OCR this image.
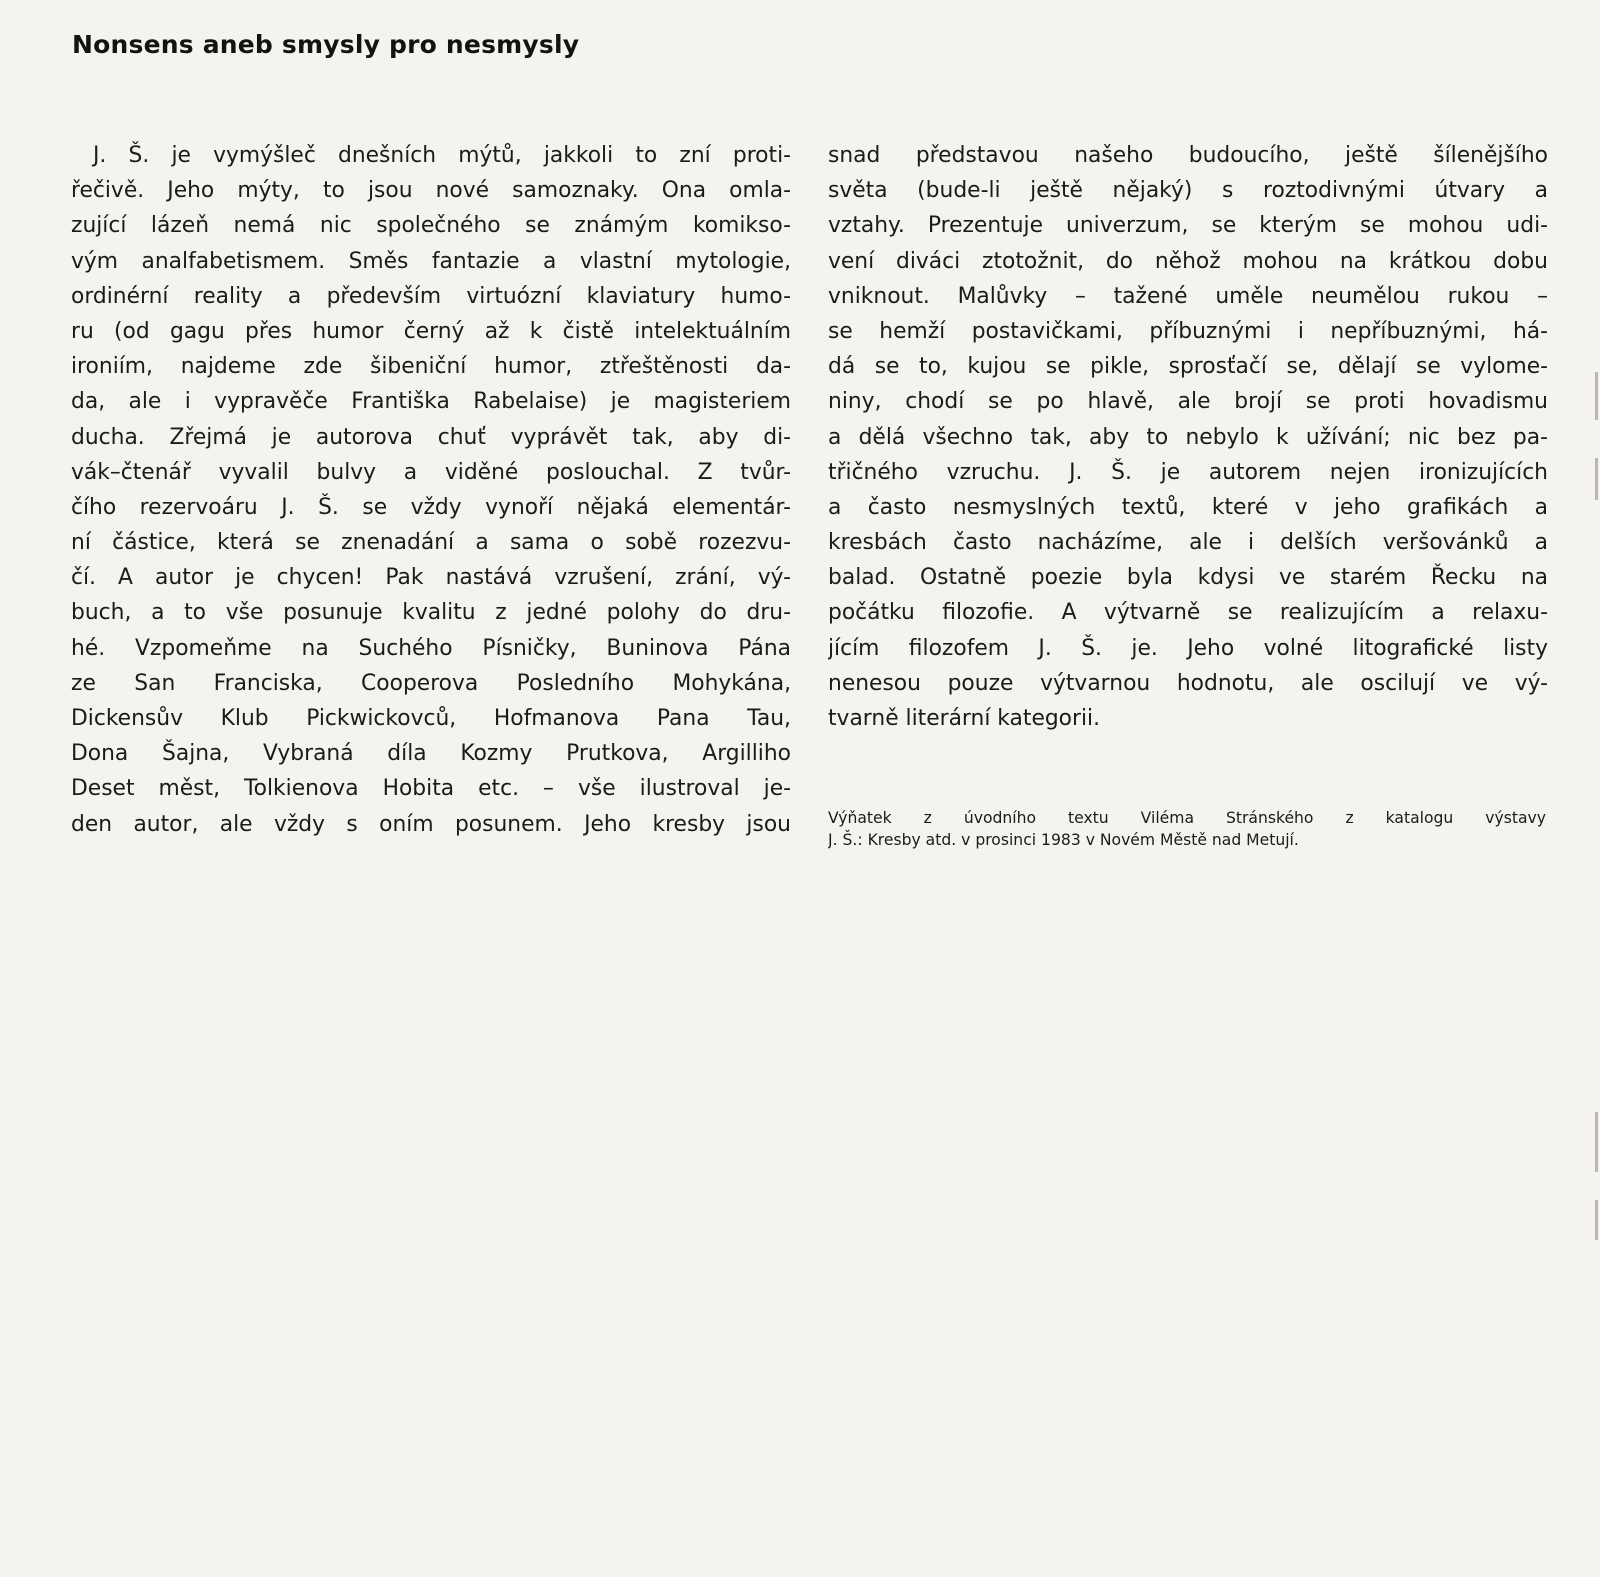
Nonsens aneb smysly pro nesmysly
J. Š. je vymýšleč dnešních mýtů, jakkoli to zní proti-
řečivě. Jeho mýty, to jsou nové samoznaky. Ona omla-
zující lázeň nemá nic společného se známým komikso-
vým analfabetismem. Směs fantazie a vlastní mytologie,
ordinérní reality a především virtuózní klaviatury humo-
ru (od gagu přes humor černý až k čistě intelektuálním
ironiím, najdeme zde šibeniční humor, ztřeštěnosti da-
da, ale i vypravěče Františka Rabelaise) je magisteriem
ducha. Zřejmá je autorova chuť vyprávět tak, aby di-
vák–čtenář vyvalil bulvy a viděné poslouchal. Z tvůr-
čího rezervoáru J. Š. se vždy vynoří nějaká elementár-
ní částice, která se znenadání a sama o sobě rozezvu-
čí. A autor je chycen! Pak nastává vzrušení, zrání, vý-
buch, a to vše posunuje kvalitu z jedné polohy do dru-
hé. Vzpomeňme na Suchého Písničky, Buninova Pána
ze San Franciska, Cooperova Posledního Mohykána,
Dickensův Klub Pickwickovců, Hofmanova Pana Tau,
Dona Šajna, Vybraná díla Kozmy Prutkova, Argilliho
Deset měst, Tolkienova Hobita etc. – vše ilustroval je-
den autor, ale vždy s oním posunem. Jeho kresby jsou
snad představou našeho budoucího, ještě šílenějšího
světa (bude-li ještě nějaký) s roztodivnými útvary a
vztahy. Prezentuje univerzum, se kterým se mohou udi-
vení diváci ztotožnit, do něhož mohou na krátkou dobu
vniknout. Malůvky – tažené uměle neumělou rukou –
se hemží postavičkami, příbuznými i nepříbuznými, há-
dá se to, kujou se pikle, sprosťačí se, dělají se vylome-
niny, chodí se po hlavě, ale brojí se proti hovadismu
a dělá všechno tak, aby to nebylo k užívání; nic bez pa-
třičného vzruchu. J. Š. je autorem nejen ironizujících
a často nesmyslných textů, které v jeho grafikách a
kresbách často nacházíme, ale i delších veršovánků a
balad. Ostatně poezie byla kdysi ve starém Řecku na
počátku filozofie. A výtvarně se realizujícím a relaxu-
jícím filozofem J. Š. je. Jeho volné litografické listy
nenesou pouze výtvarnou hodnotu, ale oscilují ve vý-
tvarně literární kategorii.
Výňatek z úvodního textu Viléma Stránského z katalogu výstavy
J. Š.: Kresby atd. v prosinci 1983 v Novém Městě nad Metují.
